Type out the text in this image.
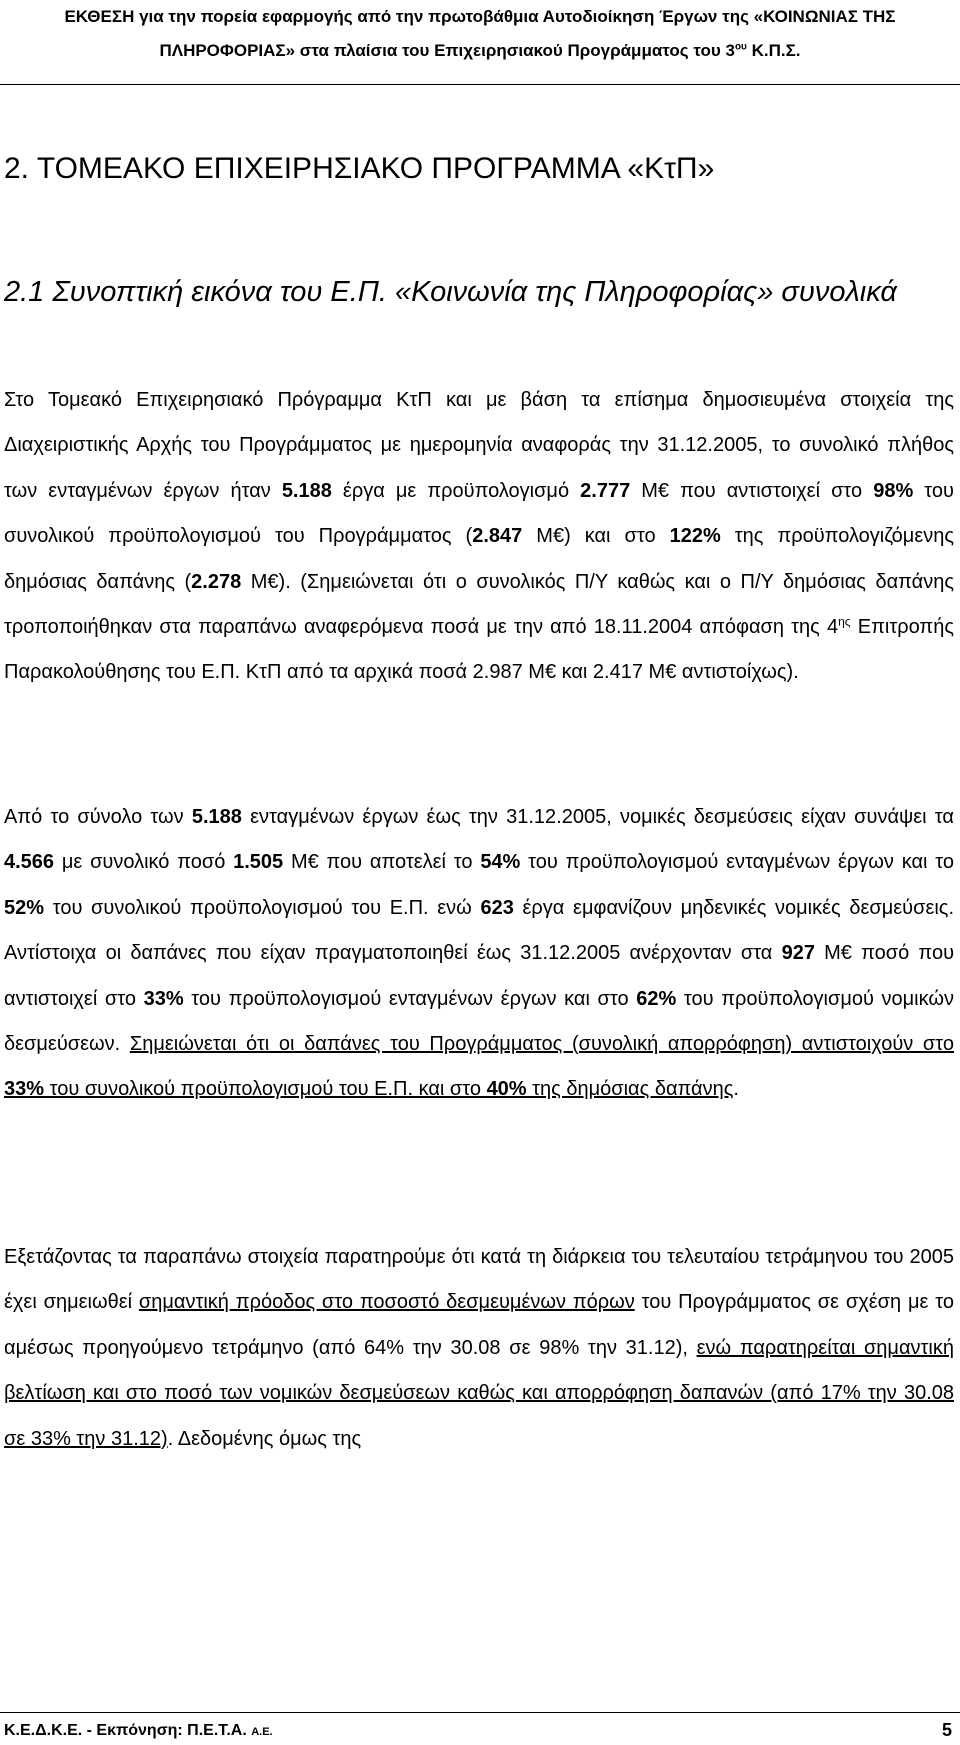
ΕΚΘΕΣΗ για την πορεία εφαρμογής από την πρωτοβάθμια Αυτοδιοίκηση Έργων της «ΚΟΙΝΩΝΙΑΣ ΤΗΣ
ΠΛΗΡΟΦΟΡΙΑΣ» στα πλαίσια του Επιχειρησιακού Προγράμματος του $3^{o\upsilon}$ Κ.Π.Σ.
2. ΤΟΜΕΑΚΟ ΕΠΙΧΕΙΡΗΣΙΑΚΟ ΠΡΟΓΡΑΜΜΑ «ΚτΠ»
2.1 Συνοπτική εικόνα του Ε.Π. «Κοινωνία της Πληροφορίας» συνολικά

Στο Τομεακό Επιχειρησιακό Πρόγραμμα ΚτΠ και με βάση τα επίσημα δημοσιευμένα στοιχεία της Διαχειριστικής Αρχής του Προγράμματος με ημερομηνία αναφοράς την 31.12.2005, το συνολικό πλήθος των ενταγμένων έργων ήταν 5.188 έργα με προϋπολογισμό 2.777 Μ€ που αντιστοιχεί στο 98% του συνολικού προϋπολογισμού του Προγράμματος (2.847 Μ€) και στο 122% της προϋπολογιζόμενης δημόσιας δαπάνης (2.278 Μ€). (Σημειώνεται ότι ο συνολικός Π/Υ καθώς και ο Π/Υ δημόσιας δαπάνης τροποποιήθηκαν στα παραπάνω αναφερόμενα ποσά με την από 18.11.2004 απόφαση της $4^{\eta\varsigma}$ Επιτροπής Παρακολούθησης του Ε.Π. ΚτΠ από τα αρχικά ποσά 2.987 Μ€ και 2.417 Μ€ αντιστοίχως).

Από το σύνολο των 5.188 ενταγμένων έργων έως την 31.12.2005, νομικές δεσμεύσεις είχαν συνάψει τα 4.566 με συνολικό ποσό 1.505 Μ€ που αποτελεί το 54% του προϋπολογισμού ενταγμένων έργων και το 52% του συνολικού προϋπολογισμού του Ε.Π. ενώ 623 έργα εμφανίζουν μηδενικές νομικές δεσμεύσεις. Αντίστοιχα οι δαπάνες που είχαν πραγματοποιηθεί έως 31.12.2005 ανέρχονταν στα 927 Μ€ ποσό που αντιστοιχεί στο 33% του προϋπολογισμού ενταγμένων έργων και στο 62% του προϋπολογισμού νομικών δεσμεύσεων. Σημειώνεται ότι οι δαπάνες του Προγράμματος (συνολική απορρόφηση) αντιστοιχούν στο 33% του συνολικού προϋπολογισμού του Ε.Π. και στο 40% της δημόσιας δαπάνης.

Εξετάζοντας τα παραπάνω στοιχεία παρατηρούμε ότι κατά τη διάρκεια του τελευταίου τετράμηνου του 2005 έχει σημειωθεί σημαντική πρόοδος στο ποσοστό δεσμευμένων πόρων του Προγράμματος σε σχέση με το αμέσως προηγούμενο τετράμηνο (από 64% την 30.08 σε 98% την 31.12), ενώ παρατηρείται σημαντική βελτίωση και στο ποσό των νομικών δεσμεύσεων καθώς και απορρόφηση δαπανών (από 17% την 30.08 σε 33% την 31.12). Δεδομένης όμως της

Κ.Ε.Δ.Κ.Ε. - Εκπόνηση: Π.Ε.Τ.Α. Α.Ε.	5
